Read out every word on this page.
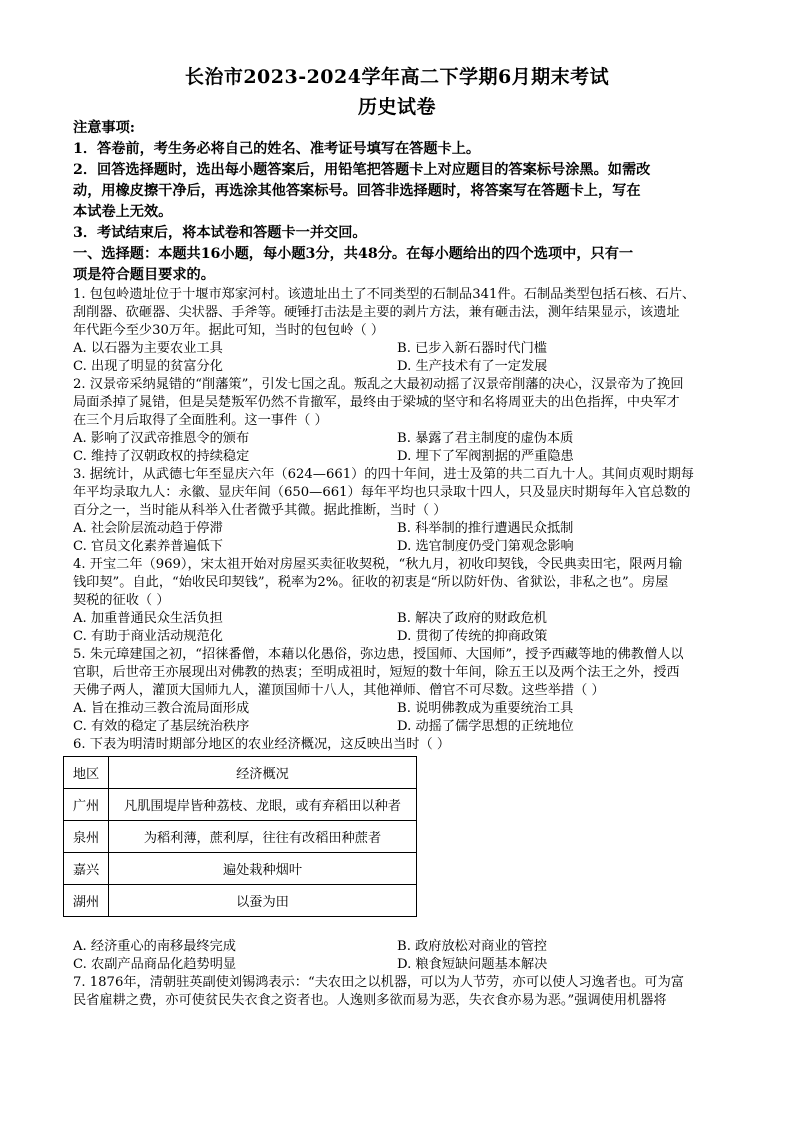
长治市2023-2024学年高二下学期6月期末考试
历史试卷
注意事项:
1．答卷前，考生务必将自己的姓名、准考证号填写在答题卡上。
2．回答选择题时，选出每小题答案后，用铅笔把答题卡上对应题目的答案标号涂黑。如需改
动，用橡皮擦干净后，再选涂其他答案标号。回答非选择题时，将答案写在答题卡上，写在
本试卷上无效。
3．考试结束后，将本试卷和答题卡一并交回。
一、选择题：本题共16小题，每小题3分，共48分。在每小题给出的四个选项中，只有一
项是符合题目要求的。
1. 包包岭遗址位于十堰市郑家河村。该遗址出土了不同类型的石制品341件。石制品类型包括石核、石片、
刮削器、砍砸器、尖状器、手斧等。硬锤打击法是主要的剥片方法，兼有砸击法，测年结果显示，该遗址
年代距今至少30万年。据此可知，当时的包包岭（ ）
A. 以石器为主要农业工具	B. 已步入新石器时代门槛
C. 出现了明显的贫富分化	D. 生产技术有了一定发展
2. 汉景帝采纳晁错的“削藩策”，引发七国之乱。叛乱之大最初动摇了汉景帝削藩的决心，汉景帝为了挽回
局面杀掉了晁错，但是吴楚叛军仍然不肯撤军，最终由于梁城的坚守和名将周亚夫的出色指挥，中央军才
在三个月后取得了全面胜利。这一事件（ ）
A. 影响了汉武帝推恩令的颁布	B. 暴露了君主制度的虚伪本质
C. 维持了汉朝政权的持续稳定	D. 埋下了军阀割据的严重隐患
3. 据统计，从武德七年至显庆六年（624—661）的四十年间，进士及第的共二百九十人。其间贞观时期每
年平均录取九人：永徽、显庆年间（650—661）每年平均也只录取十四人，只及显庆时期每年入官总数的
百分之一，当时能从科举入仕者微乎其微。据此推断，当时（ ）
A. 社会阶层流动趋于停滞	B. 科举制的推行遭遇民众抵制
C. 官员文化素养普遍低下	D. 选官制度仍受门第观念影响
4. 开宝二年（969），宋太祖开始对房屋买卖征收契税，“秋九月，初收印契钱，令民典卖田宅，限两月输
钱印契”。自此，“始收民印契钱”，税率为2%。征收的初衷是“所以防奸伪、省狱讼，非私之也”。房屋
契税的征收（ ）
A. 加重普通民众生活负担	B. 解决了政府的财政危机
C. 有助于商业活动规范化	D. 贯彻了传统的抑商政策
5. 朱元璋建国之初，“招徕番僧，本藉以化愚俗，弥边患，授国师、大国师”，授予西藏等地的佛教僧人以
官职，后世帝王亦展现出对佛教的热衷；至明成祖时，短短的数十年间，除五王以及两个法王之外，授西
天佛子两人，灌顶大国师九人，灌顶国师十八人，其他禅师、僧官不可尽数。这些举措（ ）
A. 旨在推动三教合流局面形成	B. 说明佛教成为重要统治工具
C. 有效的稳定了基层统治秩序	D. 动摇了儒学思想的正统地位
6. 下表为明清时期部分地区的农业经济概况，这反映出当时（ ）
地区	经济概况
广州	凡肌围堤岸皆种荔枝、龙眼，或有弃稻田以种者
泉州	为稻利薄，蔗利厚，往往有改稻田种蔗者
嘉兴	遍处栽种烟叶
湖州	以蚕为田
A. 经济重心的南移最终完成	B. 政府放松对商业的管控
C. 农副产品商品化趋势明显	D. 粮食短缺问题基本解决
7. 1876年，清朝驻英副使刘锡鸿表示：“夫农田之以机器，可以为人节劳，亦可以使人习逸者也。可为富
民省雇耕之费，亦可使贫民失衣食之资者也。人逸则多欲而易为恶，失衣食亦易为恶。”强调使用机器将
